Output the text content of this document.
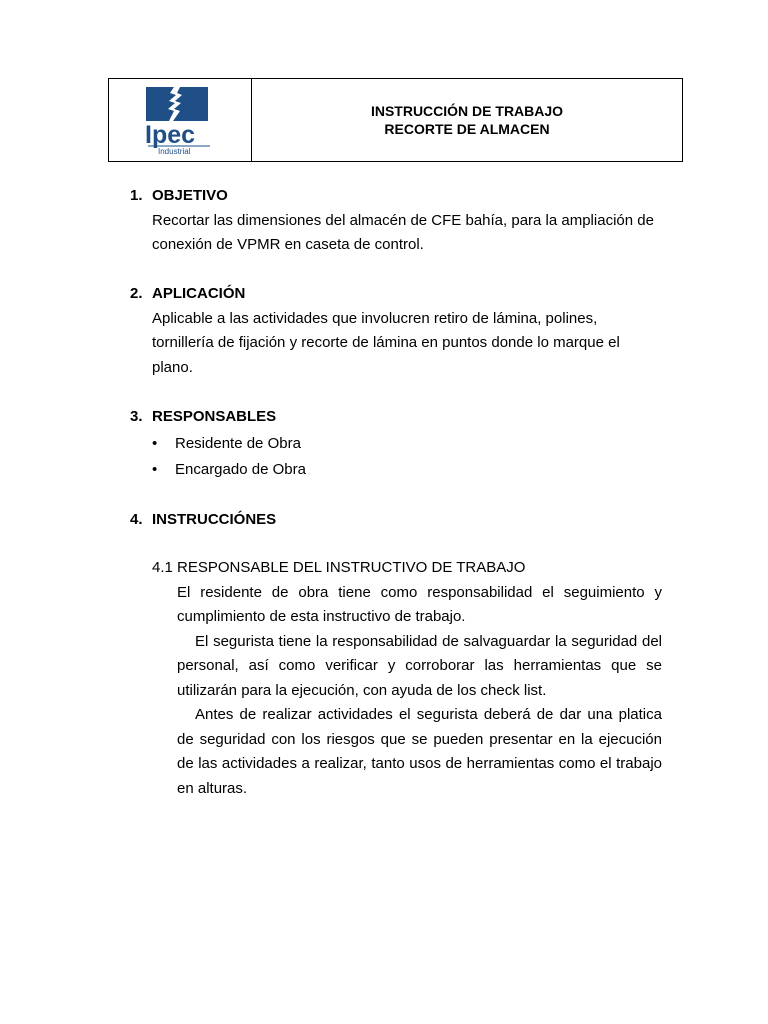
Ipec
Industrial
INSTRUCCIÓN DE TRABAJO
RECORTE DE ALMACEN
1. OBJETIVO

Recortar las dimensiones del almacén de CFE bahía, para la ampliación de conexión de VPMR en caseta de control.

2. APLICACIÓN

Aplicable a las actividades que involucren retiro de lámina, polines, tornillería de fijación y recorte de lámina en puntos donde lo marque el plano.

3. RESPONSABLES
•	Residente de Obra
•	Encargado de Obra
4. INSTRUCCIÓNES
4.1 RESPONSABLE DEL INSTRUCTIVO DE TRABAJO

El residente de obra tiene como responsabilidad el seguimiento y cumplimiento de esta instructivo de trabajo.

El segurista tiene la responsabilidad de salvaguardar la seguridad del personal, así como verificar y corroborar las herramientas que se utilizarán para la ejecución, con ayuda de los check list.

Antes de realizar actividades el segurista deberá de dar una platica de seguridad con los riesgos que se pueden presentar en la ejecución de las actividades a realizar, tanto usos de herramientas como el trabajo en alturas.
